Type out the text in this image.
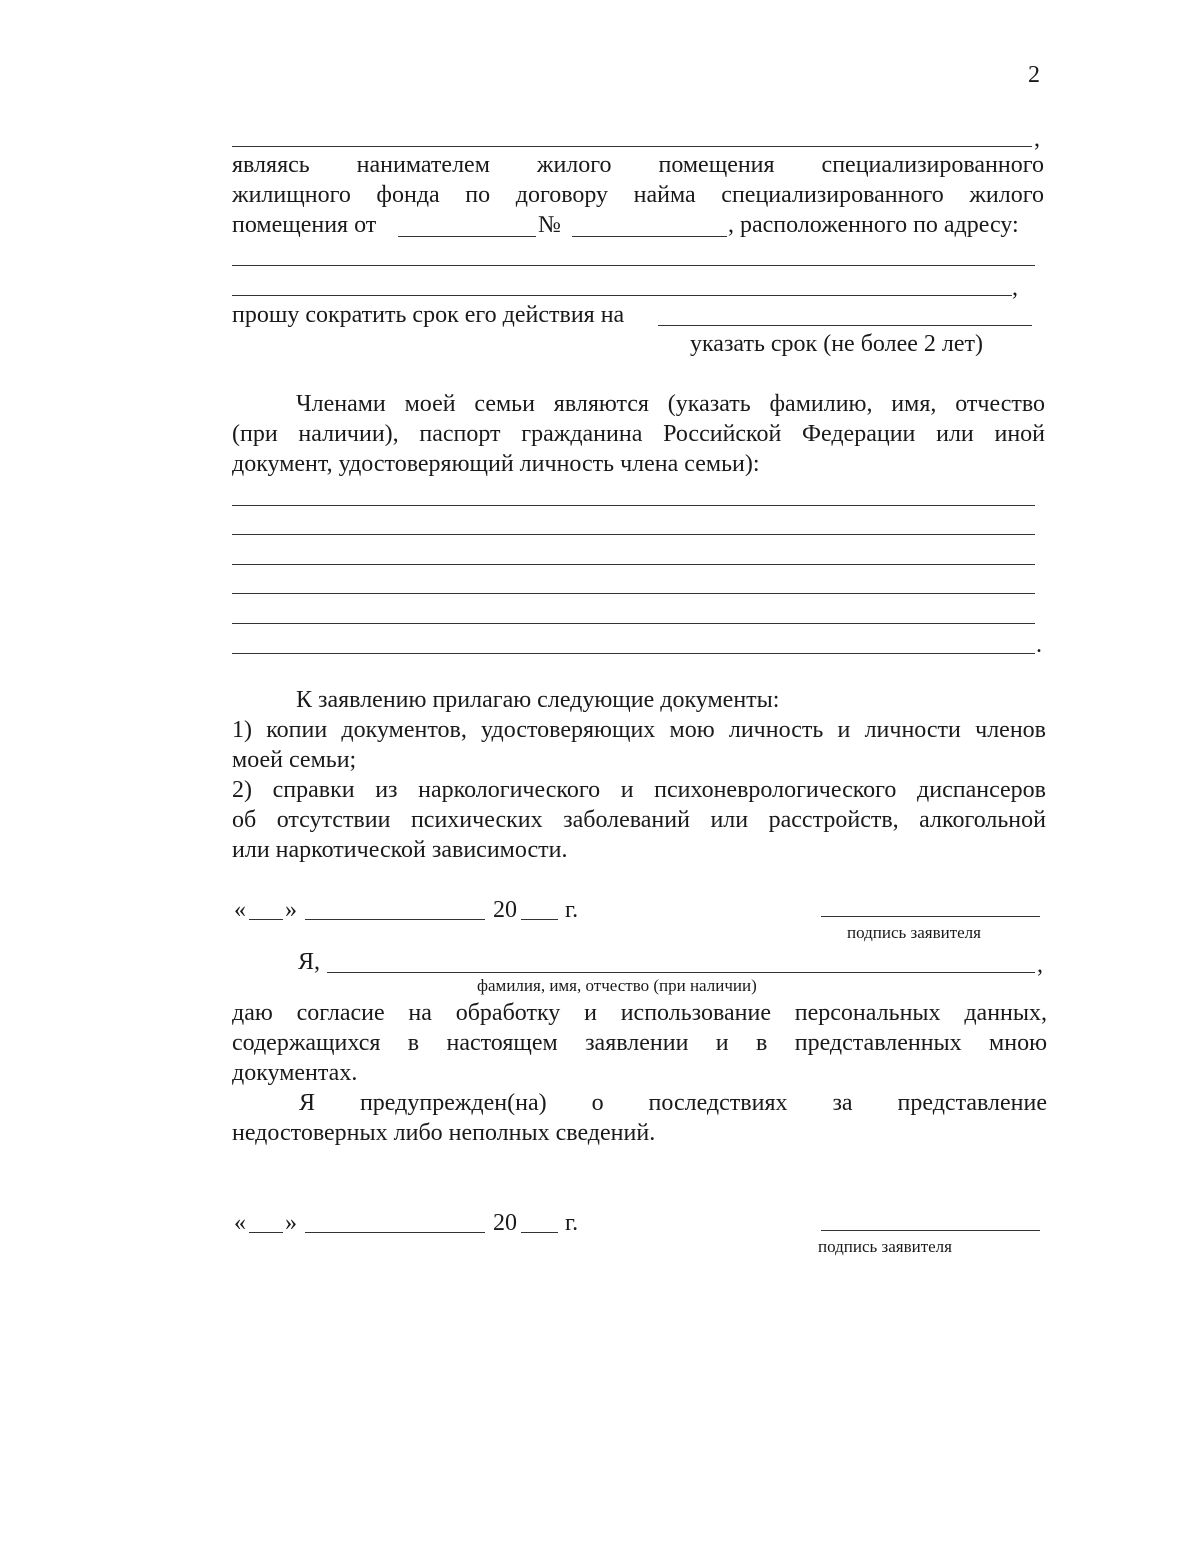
2
,
являясь нанимателем жилого помещения специализированного
жилищного фонда по договору найма специализированного жилого
помещения от	№	, расположенного по адресу:
,
прошу сократить срок его действия на
указать срок (не более 2 лет)
Членами моей семьи являются (указать фамилию, имя, отчество
(при наличии), паспорт гражданина Российской Федерации или иной
документ, удостоверяющий личность члена семьи):
.
К заявлению прилагаю следующие документы:
1) копии документов, удостоверяющих мою личность и личности членов
моей семьи;
2) справки из наркологического и психоневрологического диспансеров
об отсутствии психических заболеваний или расстройств, алкогольной
или наркотической зависимости.
« »	20 г.
подпись заявителя
Я,	,
фамилия, имя, отчество (при наличии)
даю согласие на обработку и использование персональных данных,
содержащихся в настоящем заявлении и в представленных мною
документах.
Я предупрежден(на) о последствиях за представление
недостоверных либо неполных сведений.
« »	20 г.
подпись заявителя
